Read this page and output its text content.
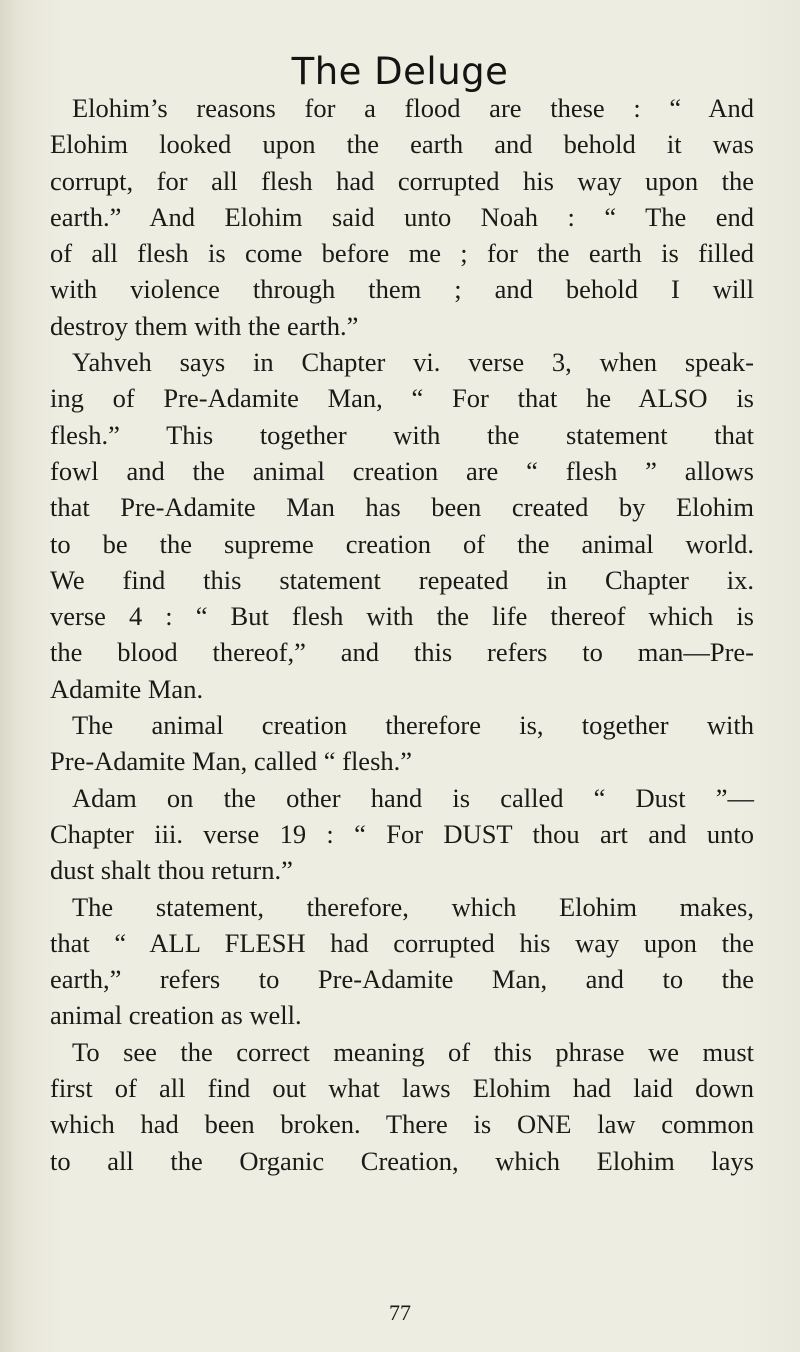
The Deluge
Elohim’s reasons for a flood are these : “ And
Elohim looked upon the earth and behold it was
corrupt, for all flesh had corrupted his way upon the
earth.” And Elohim said unto Noah : “ The end
of all flesh is come before me ; for the earth is filled
with violence through them ; and behold I will
destroy them with the earth.”
Yahveh says in Chapter vi. verse 3, when speak-
ing of Pre-Adamite Man, “ For that he ALSO is
flesh.” This together with the statement that
fowl and the animal creation are “ flesh ” allows
that Pre-Adamite Man has been created by Elohim
to be the supreme creation of the animal world.
We find this statement repeated in Chapter ix.
verse 4 : “ But flesh with the life thereof which is
the blood thereof,” and this refers to man—Pre-
Adamite Man.
The animal creation therefore is, together with
Pre-Adamite Man, called “ flesh.”
Adam on the other hand is called “ Dust ”—
Chapter iii. verse 19 : “ For DUST thou art and unto
dust shalt thou return.”
The statement, therefore, which Elohim makes,
that “ ALL FLESH had corrupted his way upon the
earth,” refers to Pre-Adamite Man, and to the
animal creation as well.
To see the correct meaning of this phrase we must
first of all find out what laws Elohim had laid down
which had been broken. There is ONE law common
to all the Organic Creation, which Elohim lays
77
